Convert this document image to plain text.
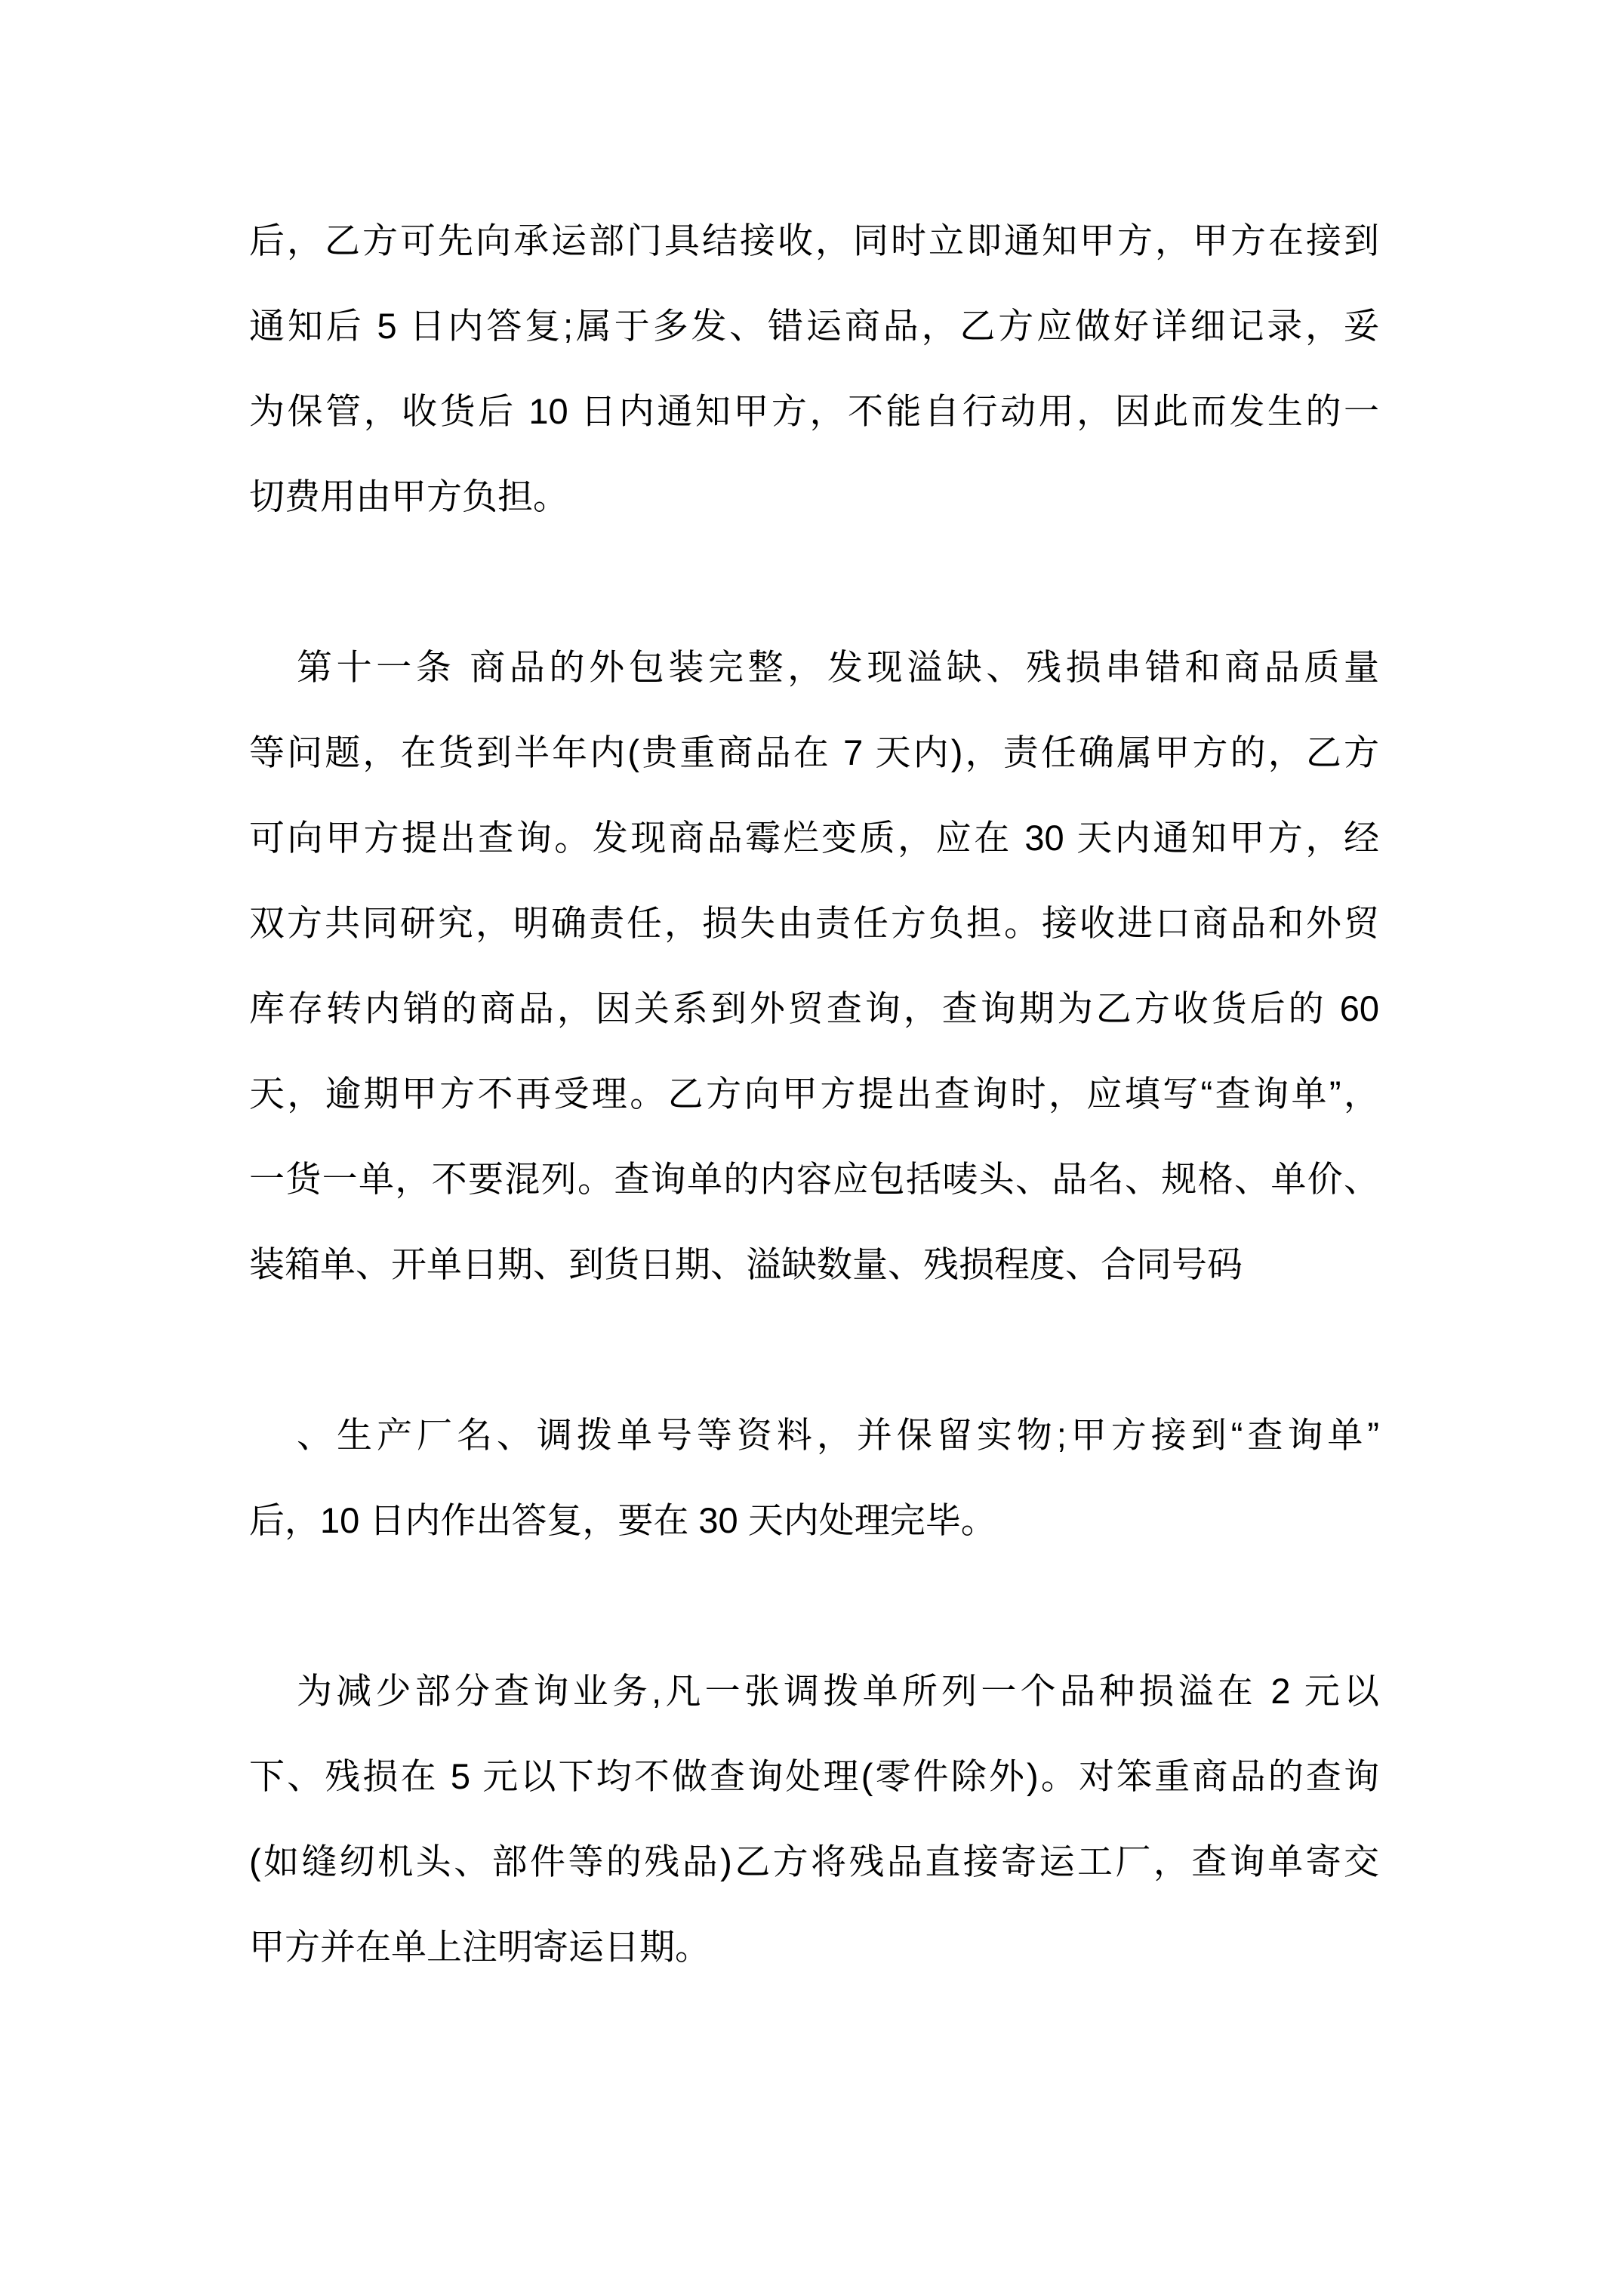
后，乙方可先向承运部门具结接收，同时立即通知甲方，甲方在接到
通知后 5 日内答复;属于多发、错运商品，乙方应做好详细记录，妥
为保管，收货后 10 日内通知甲方，不能自行动用，因此而发生的一
切费用由甲方负担。
第十一条 商品的外包装完整，发现溢缺、残损串错和商品质量
等问题，在货到半年内(贵重商品在 7 天内)，责任确属甲方的，乙方
可向甲方提出查询。发现商品霉烂变质，应在 30 天内通知甲方，经
双方共同研究，明确责任，损失由责任方负担。接收进口商品和外贸
库存转内销的商品，因关系到外贸查询，查询期为乙方收货后的 60
天，逾期甲方不再受理。乙方向甲方提出查询时，应填写“查询单”，
一货一单，不要混列。查询单的内容应包括唛头、品名、规格、单价、
装箱单、开单日期、到货日期、溢缺数量、残损程度、合同号码
、生产厂名、调拨单号等资料，并保留实物;甲方接到“查询单”
后，10 日内作出答复，要在 30 天内处理完毕。
为减少部分查询业务,凡一张调拨单所列一个品种损溢在 2 元以
下、残损在 5 元以下均不做查询处理(零件除外)。对笨重商品的查询
(如缝纫机头、部件等的残品)乙方将残品直接寄运工厂，查询单寄交
甲方并在单上注明寄运日期。
